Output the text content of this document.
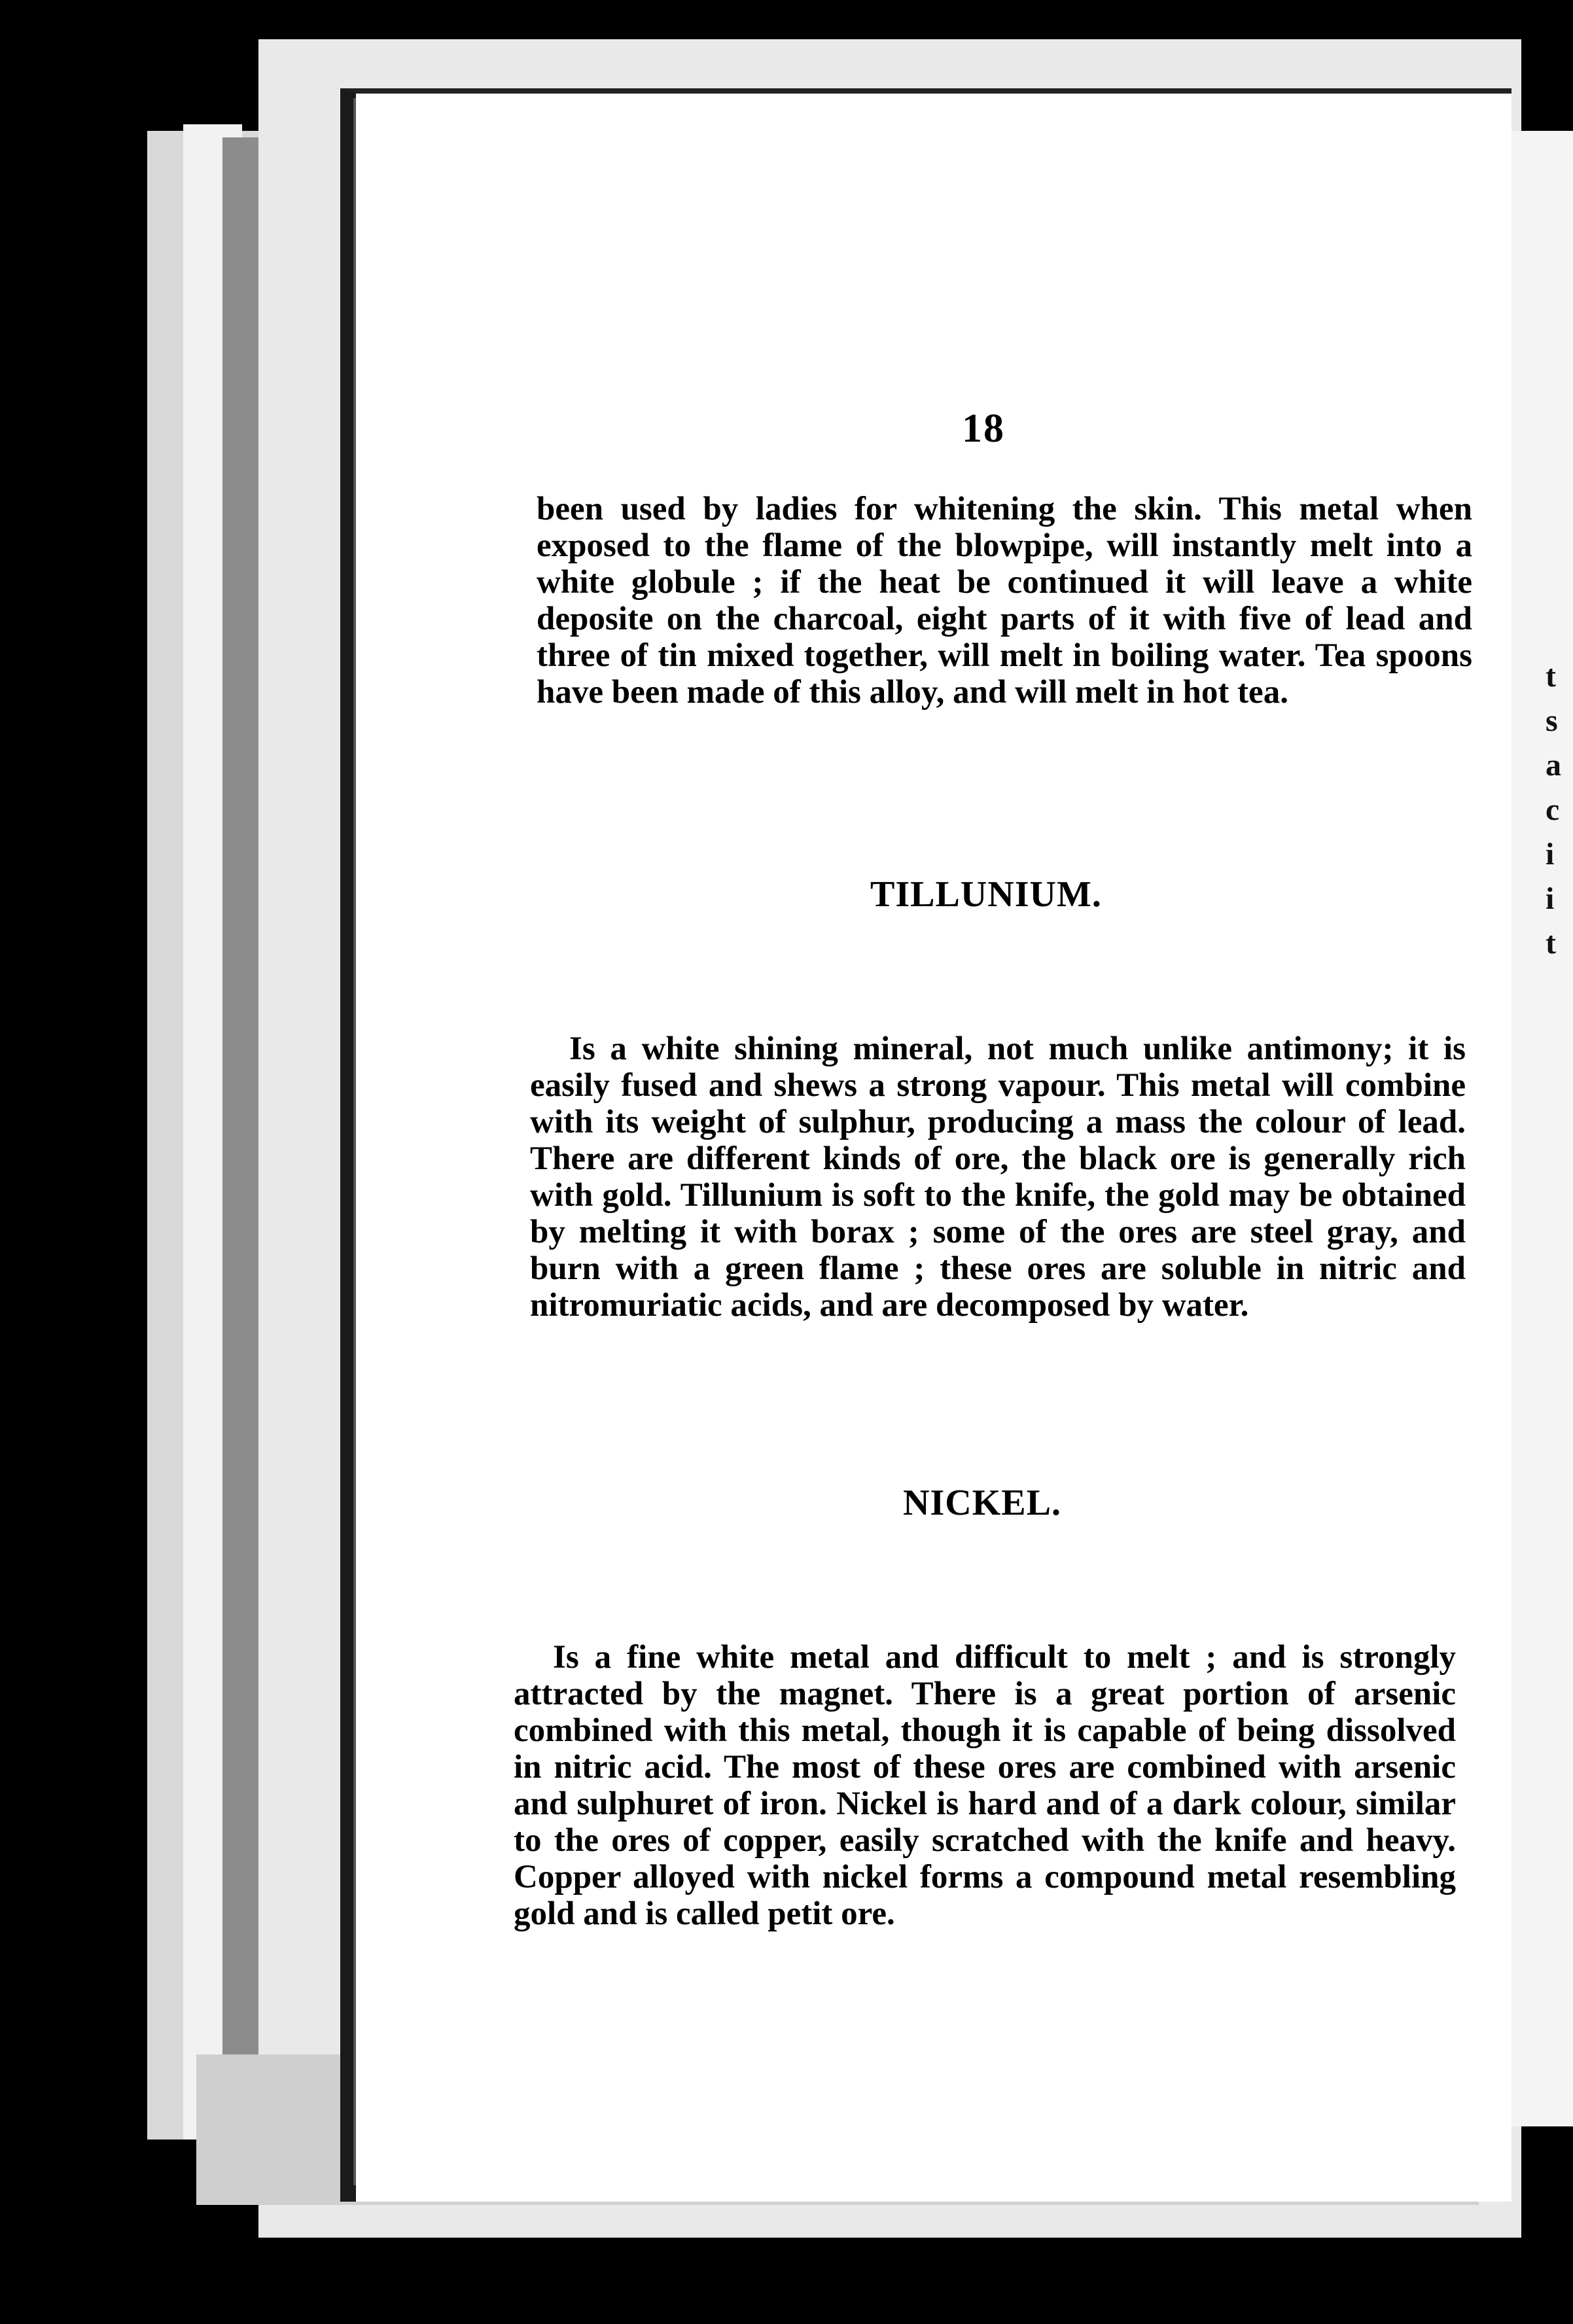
t
s
a
c
i
i
t
18

been used by ladies for whitening the skin. This metal when exposed to the flame of the blowpipe, will instantly melt into a white globule ; if the heat be continued it will leave a white deposite on the charcoal, eight parts of it with five of lead and three of tin mixed together, will melt in boiling water. Tea spoons have been made of this alloy, and will melt in hot tea.

TILLUNIUM.

Is a white shining mineral, not much unlike antimony; it is easily fused and shews a strong vapour. This metal will combine with its weight of sulphur, producing a mass the colour of lead. There are different kinds of ore, the black ore is generally rich with gold. Tillunium is soft to the knife, the gold may be obtained by melting it with borax ; some of the ores are steel gray, and burn with a green flame ; these ores are soluble in nitric and nitromuriatic acids, and are decomposed by water.

NICKEL.

Is a fine white metal and difficult to melt ; and is strongly attracted by the magnet. There is a great portion of arsenic combined with this metal, though it is capable of being dissolved in nitric acid. The most of these ores are combined with arsenic and sulphuret of iron. Nickel is hard and of a dark colour, similar to the ores of copper, easily scratched with the knife and heavy. Copper alloyed with nickel forms a compound metal resembling gold and is called petit ore.
